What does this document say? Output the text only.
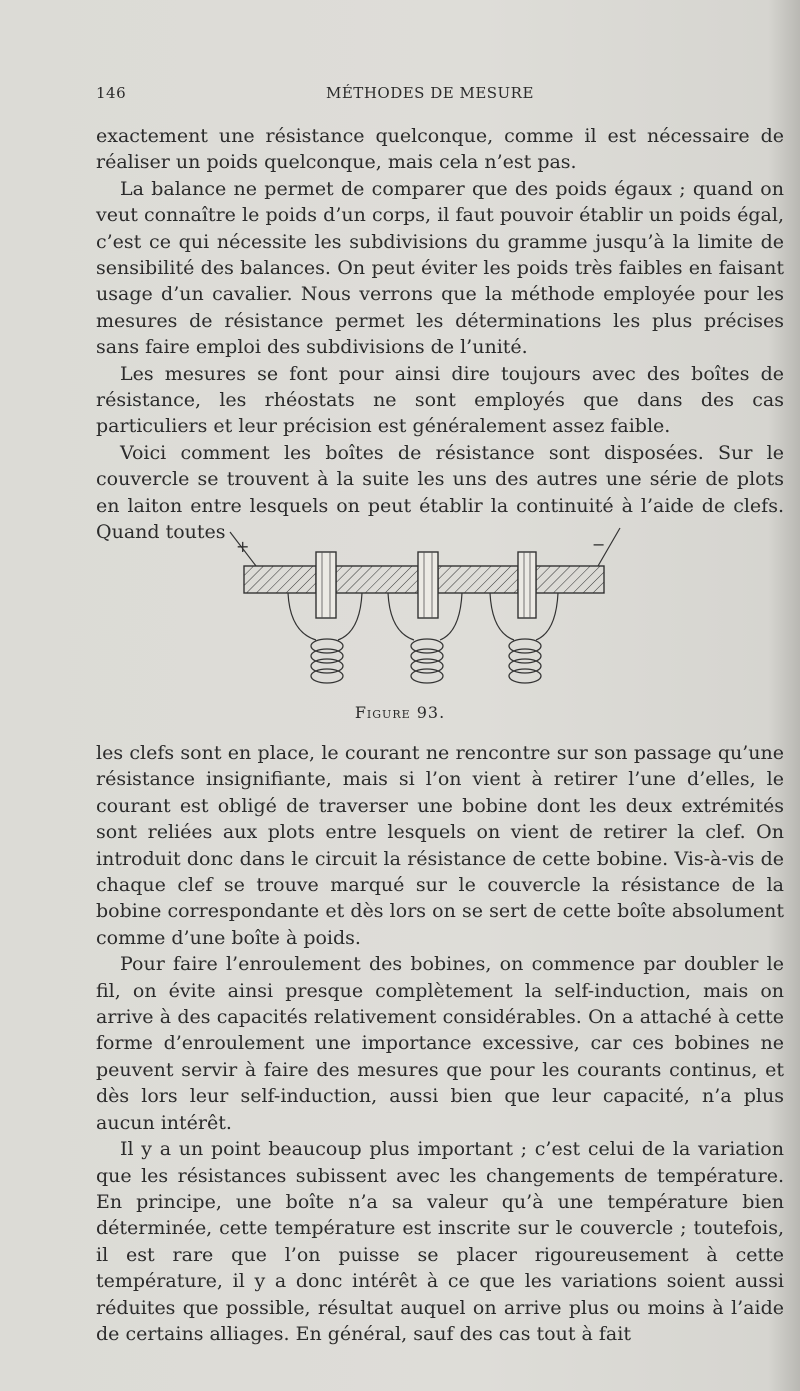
146	MÉTHODES DE MESURE

exactement une résistance quelconque, comme il est nécessaire de réaliser un poids quelconque, mais cela n’est pas.

La balance ne permet de comparer que des poids égaux ; quand on veut connaître le poids d’un corps, il faut pouvoir établir un poids égal, c’est ce qui nécessite les subdivisions du gramme jusqu’à la limite de sensibilité des balances. On peut éviter les poids très faibles en faisant usage d’un cavalier. Nous verrons que la méthode employée pour les mesures de résistance permet les déterminations les plus précises sans faire emploi des subdivisions de l’unité.

Les mesures se font pour ainsi dire toujours avec des boîtes de résistance, les rhéostats ne sont employés que dans des cas particuliers et leur précision est généralement assez faible.

Voici comment les boîtes de résistance sont disposées. Sur le couvercle se trouvent à la suite les uns des autres une série de plots en laiton entre lesquels on peut établir la continuité à l’aide de clefs. Quand toutes

+	−
Figure 93.

les clefs sont en place, le courant ne rencontre sur son passage qu’une résistance insignifiante, mais si l’on vient à retirer l’une d’elles, le courant est obligé de traverser une bobine dont les deux extrémités sont reliées aux plots entre lesquels on vient de retirer la clef. On introduit donc dans le circuit la résistance de cette bobine. Vis-à-vis de chaque clef se trouve marqué sur le couvercle la résistance de la bobine correspondante et dès lors on se sert de cette boîte absolument comme d’une boîte à poids.

Pour faire l’enroulement des bobines, on commence par doubler le fil, on évite ainsi presque complètement la self-induction, mais on arrive à des capacités relativement considérables. On a attaché à cette forme d’enroulement une importance excessive, car ces bobines ne peuvent servir à faire des mesures que pour les courants continus, et dès lors leur self-induction, aussi bien que leur capacité, n’a plus aucun intérêt.

Il y a un point beaucoup plus important ; c’est celui de la variation que les résistances subissent avec les changements de température. En principe, une boîte n’a sa valeur qu’à une température bien déterminée, cette température est inscrite sur le couvercle ; toutefois, il est rare que l’on puisse se placer rigoureusement à cette température, il y a donc intérêt à ce que les variations soient aussi réduites que possible, résultat auquel on arrive plus ou moins à l’aide de certains alliages. En général, sauf des cas tout à fait
